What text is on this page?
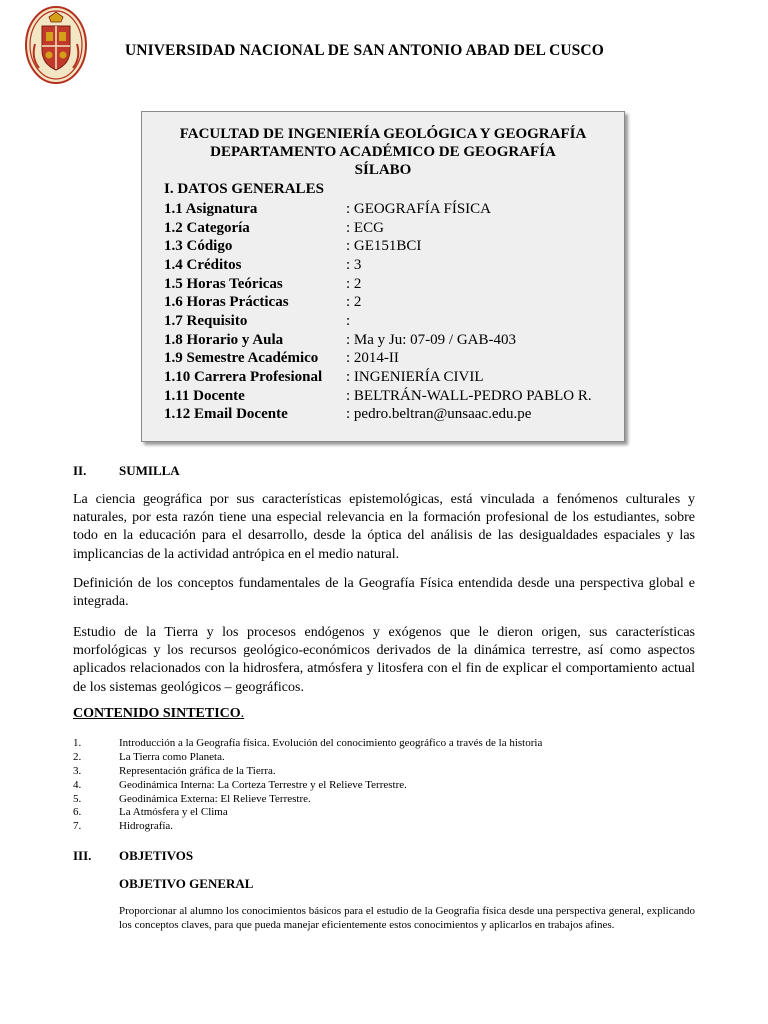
UNIVERSIDAD NACIONAL DE SAN ANTONIO ABAD DEL CUSCO
FACULTAD DE INGENIERÍA GEOLÓGICA Y GEOGRAFÍA
DEPARTAMENTO ACADÉMICO DE GEOGRAFÍA
SÍLABO
I. DATOS GENERALES
1.1 Asignatura	: GEOGRAFÍA FÍSICA
1.2 Categoría	: ECG
1.3 Código	: GE151BCI
1.4 Créditos	: 3
1.5 Horas Teóricas	: 2
1.6 Horas Prácticas	: 2
1.7 Requisito	:
1.8 Horario y Aula	: Ma y Ju: 07-09 / GAB-403
1.9 Semestre Académico : 2014-II
1.10 Carrera Profesional : INGENIERÍA CIVIL
1.11 Docente	: BELTRÁN-WALL-PEDRO PABLO R.
1.12 Email Docente	: pedro.beltran@unsaac.edu.pe
II.	SUMILLA
La ciencia geográfica por sus características epistemológicas, está vinculada a fenómenos culturales y naturales, por esta razón tiene una especial relevancia en la formación profesional de los estudiantes, sobre todo en la educación para el desarrollo, desde la óptica del análisis de las desigualdades espaciales y las implicancias de la actividad antrópica en el medio natural.
Definición de los conceptos fundamentales de la Geografía Física entendida desde una perspectiva global e integrada.
Estudio de la Tierra y los procesos endógenos y exógenos que le dieron origen, sus características morfológicas y los recursos geológico-económicos derivados de la dinámica terrestre, así como aspectos aplicados relacionados con la hidrosfera, atmósfera y litosfera con el fin de explicar el comportamiento actual de los sistemas geológicos – geográficos.
CONTENIDO SINTETICO.
1.	Introducción a la Geografía física. Evolución del conocimiento geográfico a través de la historia
2.	La Tierra como Planeta.
3.	Representación gráfica de la Tierra.
4.	Geodinámica Interna: La Corteza Terrestre y el Relieve Terrestre.
5.	Geodinámica Externa: El Relieve Terrestre.
6.	La Atmósfera y el Clima
7.	Hidrografía.
III. OBJETIVOS
OBJETIVO GENERAL
Proporcionar al alumno los conocimientos básicos para el estudio de la Geografía física desde una perspectiva general, explicando los conceptos claves, para que pueda manejar eficientemente estos conocimientos y aplicarlos en trabajos afines.
